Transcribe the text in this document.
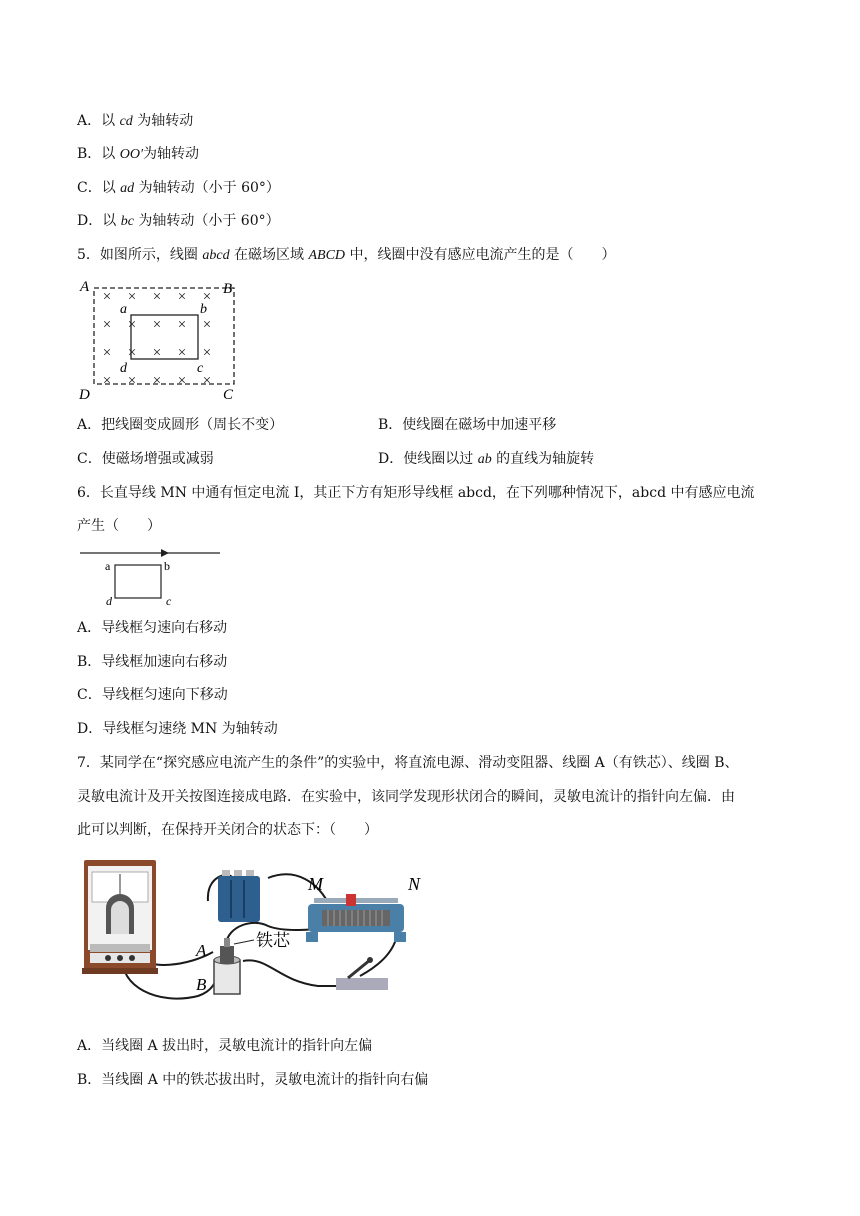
A．以 cd 为轴转动
B．以 OO′为轴转动
C．以 ad 为轴转动（小于 60°）
D．以 bc 为轴转动（小于 60°）
5．如图所示，线圈 abcd 在磁场区域 ABCD 中，线圈中没有感应电流产生的是（　　）
× × × × ×
× × × × ×
× × × × ×
× × × × ×
A	B
C
D
a	b
c
d
A．把线圈变成圆形（周长不变）	B．使线圈在磁场中加速平移
C．使磁场增强或减弱	D．使线圈以过 ab 的直线为轴旋转
6．长直导线 MN 中通有恒定电流 I，其正下方有矩形导线框 abcd，在下列哪种情况下，abcd 中有感应电流
产生（　　）
a	b
c
d
A．导线框匀速向右移动
B．导线框加速向右移动
C．导线框匀速向下移动
D．导线框匀速绕 MN 为轴转动
7．某同学在“探究感应电流产生的条件”的实验中，将直流电源、滑动变阻器、线圈 A（有铁芯）、线圈 B、
灵敏电流计及开关按图连接成电路．在实验中，该同学发现形状闭合的瞬间，灵敏电流计的指针向左偏．由
此可以判断，在保持开关闭合的状态下：（　　）
M	N
A
B
铁芯
A．当线圈 A 拔出时，灵敏电流计的指针向左偏
B．当线圈 A 中的铁芯拔出时，灵敏电流计的指针向右偏
